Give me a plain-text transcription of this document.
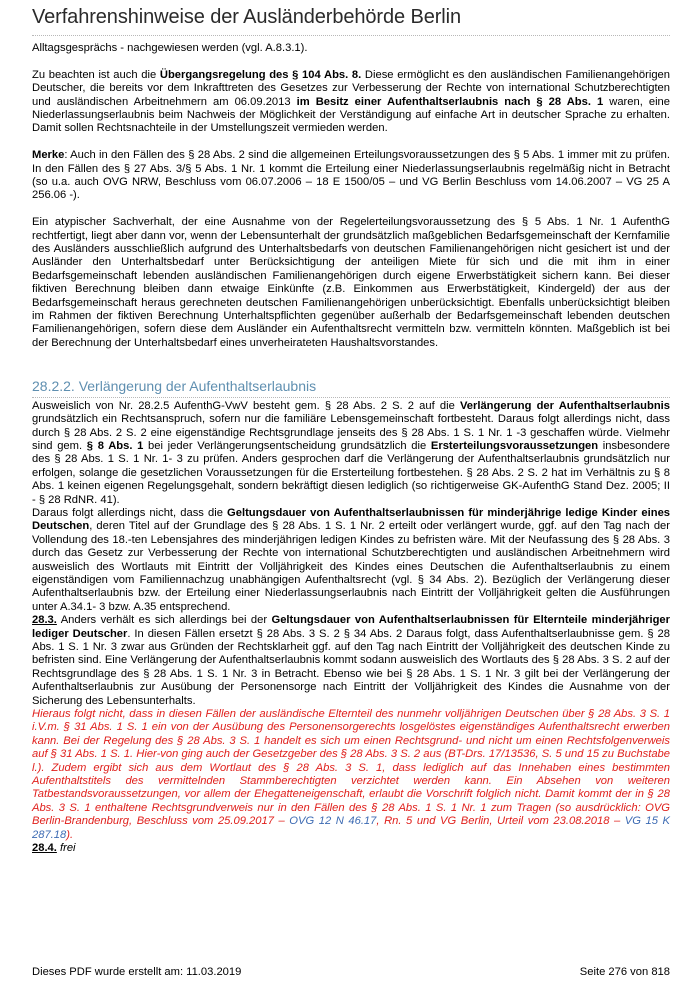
Verfahrenshinweise der Ausländerbehörde Berlin

Alltagsgesprächs - nachgewiesen werden (vgl. A.8.3.1).

Zu beachten ist auch die Übergangsregelung des § 104 Abs. 8. Diese ermöglicht es den ausländischen Familienangehörigen Deutscher, die bereits vor dem Inkrafttreten des Gesetzes zur Verbesserung der Rechte von international Schutzberechtigten und ausländischen Arbeitnehmern am 06.09.2013 im Besitz einer Aufenthaltserlaubnis nach § 28 Abs. 1 waren, eine Niederlassungserlaubnis beim Nachweis der Möglichkeit der Verständigung auf einfache Art in deutscher Sprache zu erhalten. Damit sollen Rechtsnachteile in der Umstellungszeit vermieden werden.

Merke: Auch in den Fällen des § 28 Abs. 2 sind die allgemeinen Erteilungsvoraussetzungen des § 5 Abs. 1 immer mit zu prüfen. In den Fällen des § 27 Abs. 3/§ 5 Abs. 1 Nr. 1 kommt die Erteilung einer Niederlassungserlaubnis regelmäßig nicht in Betracht (so u.a. auch OVG NRW, Beschluss vom 06.07.2006 – 18 E 1500/05 – und VG Berlin Beschluss vom 14.06.2007 – VG 25 A 256.06 -).

Ein atypischer Sachverhalt, der eine Ausnahme von der Regelerteilungsvoraussetzung des § 5 Abs. 1 Nr. 1 AufenthG rechtfertigt, liegt aber dann vor, wenn der Lebensunterhalt der grundsätzlich maßgeblichen Bedarfsgemeinschaft der Kernfamilie des Ausländers ausschließlich aufgrund des Unterhaltsbedarfs von deutschen Familienangehörigen nicht gesichert ist und der Ausländer den Unterhaltsbedarf unter Berücksichtigung der anteiligen Miete für sich und die mit ihm in einer Bedarfsgemeinschaft lebenden ausländischen Familienangehörigen durch eigene Erwerbstätigkeit sichern kann. Bei dieser fiktiven Berechnung bleiben dann etwaige Einkünfte (z.B. Einkommen aus Erwerbstätigkeit, Kindergeld) der aus der Bedarfsgemeinschaft heraus gerechneten deutschen Familienangehörigen unberücksichtigt. Ebenfalls unberücksichtigt bleiben im Rahmen der fiktiven Berechnung Unterhaltspflichten gegenüber außerhalb der Bedarfsgemeinschaft lebenden deutschen Familienangehörigen, sofern diese dem Ausländer ein Aufenthaltsrecht vermitteln bzw. vermitteln könnten. Maßgeblich ist bei der Berechnung der Unterhaltsbedarf eines unverheirateten Haushaltsvorstandes.

28.2.2. Verlängerung der Aufenthaltserlaubnis

Ausweislich von Nr. 28.2.5 AufenthG-VwV besteht gem. § 28 Abs. 2 S. 2 auf die Verlängerung der Aufenthaltserlaubnis grundsätzlich ein Rechtsanspruch, sofern nur die familiäre Lebensgemeinschaft fortbesteht. Daraus folgt allerdings nicht, dass durch § 28 Abs. 2 S. 2 eine eigenständige Rechtsgrundlage jenseits des § 28 Abs. 1 S. 1 Nr. 1 -3 geschaffen würde. Vielmehr sind gem. § 8 Abs. 1 bei jeder Verlängerungsentscheidung grundsätzlich die Ersterteilungsvoraussetzungen insbesondere des § 28 Abs. 1 S. 1 Nr. 1- 3 zu prüfen. Anders gesprochen darf die Verlängerung der Aufenthaltserlaubnis grundsätzlich nur erfolgen, solange die gesetzlichen Voraussetzungen für die Ersterteilung fortbestehen. § 28 Abs. 2 S. 2 hat im Verhältnis zu § 8 Abs. 1 keinen eigenen Regelungsgehalt, sondern bekräftigt diesen lediglich (so richtigerweise GK-AufenthG Stand Dez. 2005; II - § 28 RdNR. 41).

Daraus folgt allerdings nicht, dass die Geltungsdauer von Aufenthaltserlaubnissen für minderjährige ledige Kinder eines Deutschen, deren Titel auf der Grundlage des § 28 Abs. 1 S. 1 Nr. 2 erteilt oder verlängert wurde, ggf. auf den Tag nach der Vollendung des 18.-ten Lebensjahres des minderjährigen ledigen Kindes zu befristen wäre. Mit der Neufassung des § 28 Abs. 3 durch das Gesetz zur Verbesserung der Rechte von international Schutzberechtigten und ausländischen Arbeitnehmern wird ausweislich des Wortlauts mit Eintritt der Volljährigkeit des Kindes eines Deutschen die Aufenthaltserlaubnis zu einem eigenständigen vom Familiennachzug unabhängigen Aufenthaltsrecht (vgl. § 34 Abs. 2). Bezüglich der Verlängerung dieser Aufenthaltserlaubnis bzw. der Erteilung einer Niederlassungserlaubnis nach Eintritt der Volljährigkeit gelten die Ausführungen unter A.34.1- 3 bzw. A.35 entsprechend.

28.3. Anders verhält es sich allerdings bei der Geltungsdauer von Aufenthaltserlaubnissen für Elternteile minderjähriger lediger Deutscher. In diesen Fällen ersetzt § 28 Abs. 3 S. 2 § 34 Abs. 2 Daraus folgt, dass Aufenthaltserlaubnisse gem. § 28 Abs. 1 S. 1 Nr. 3 zwar aus Gründen der Rechtsklarheit ggf. auf den Tag nach Eintritt der Volljährigkeit des deutschen Kinde zu befristen sind. Eine Verlängerung der Aufenthaltserlaubnis kommt sodann ausweislich des Wortlauts des § 28 Abs. 3 S. 2 auf der Rechtsgrundlage des § 28 Abs. 1 S. 1 Nr. 3 in Betracht. Ebenso wie bei § 28 Abs. 1 S. 1 Nr. 3 gilt bei der Verlängerung der Aufenthaltserlaubnis zur Ausübung der Personensorge nach Eintritt der Volljährigkeit des Kindes die Ausnahme von der Sicherung des Lebensunterhalts.

Hieraus folgt nicht, dass in diesen Fällen der ausländische Elternteil des nunmehr volljährigen Deutschen über § 28 Abs. 3 S. 1 i.V.m. § 31 Abs. 1 S. 1 ein von der Ausübung des Personensorgerechts losgelöstes eigenständiges Aufenthaltsrecht erwerben kann. Bei der Regelung des § 28 Abs. 3 S. 1 handelt es sich um einen Rechtsgrund- und nicht um einen Rechtsfolgenverweis auf § 31 Abs. 1 S. 1. Hier-von ging auch der Gesetzgeber des § 28 Abs. 3 S. 2 aus (BT-Drs. 17/13536, S. 5 und 15 zu Buchstabe l.). Zudem ergibt sich aus dem Wortlaut des § 28 Abs. 3 S. 1, dass lediglich auf das Innehaben eines bestimmten Aufenthaltstitels des vermittelnden Stammberechtigten verzichtet werden kann. Ein Absehen von weiteren Tatbestandsvoraussetzungen, vor allem der Ehegatteneigenschaft, erlaubt die Vorschrift folglich nicht. Damit kommt der in § 28 Abs. 3 S. 1 enthaltene Rechtsgrundverweis nur in den Fällen des § 28 Abs. 1 S. 1 Nr. 1 zum Tragen (so ausdrücklich: OVG Berlin-Brandenburg, Beschluss vom 25.09.2017 – OVG 12 N 46.17, Rn. 5 und VG Berlin, Urteil vom 23.08.2018 – VG 15 K 287.18).

28.4. frei

Dieses PDF wurde erstellt am: 11.03.2019	Seite 276 von 818
